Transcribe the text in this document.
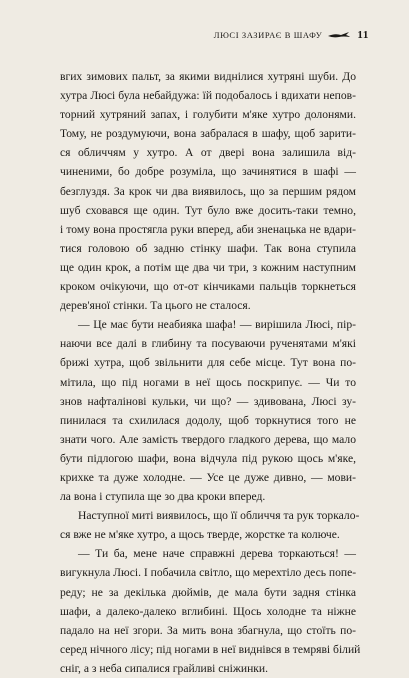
ЛЮСІ ЗАЗИРАЄ В ШАФУ	11
вгих зимових пальт, за якими виднілися хутряні шуби. До
хутра Люсі була небайдужа: їй подобалось і вдихати непов-
торний хутряний запах, і голубити м'яке хутро долонями.
Тому, не роздумуючи, вона забралася в шафу, щоб зарити-
ся обличчям у хутро. А от двері вона залишила від-
чиненими, бо добре розуміла, що зачинятися в шафі —
безглуздя. За крок чи два виявилось, що за першим рядом
шуб сховався ще один. Тут було вже досить-таки темно,
і тому вона простягла руки вперед, аби зненацька не вдари-
тися головою об задню стінку шафи. Так вона ступила
ще один крок, а потім ще два чи три, з кожним наступним
кроком очікуючи, що от-от кінчиками пальців торкнеться
дерев'яної стінки. Та цього не сталося.
— Це має бути неабияка шафа! — вирішила Люсі, пір-
наючи все далі в глибину та посуваючи рученятами м'які
брижі хутра, щоб звільнити для себе місце. Тут вона по-
мітила, що під ногами в неї щось поскрипує. — Чи то
знов нафталінові кульки, чи що? — здивована, Люсі зу-
пинилася та схилилася додолу, щоб торкнутися того не
знати чого. Але замість твердого гладкого дерева, що мало
бути підлогою шафи, вона відчула під рукою щось м'яке,
крихке та дуже холодне. — Усе це дуже дивно, — мови-
ла вона і ступила ще зо два кроки вперед.
Наступної миті виявилось, що її обличчя та рук торкало-
ся вже не м'яке хутро, а щось тверде, жорстке та колюче.
— Ти ба, мене наче справжні дерева торкаються! —
вигукнула Люсі. І побачила світло, що мерехтіло десь попе-
реду; не за декілька дюймів, де мала бути задня стінка
шафи, а далеко-далеко вглибині. Щось холодне та ніжне
падало на неї згори. За мить вона збагнула, що стоїть по-
серед нічного лісу; під ногами в неї виднівся в темряві білий
сніг, а з неба сипалися грайливі сніжинки.
